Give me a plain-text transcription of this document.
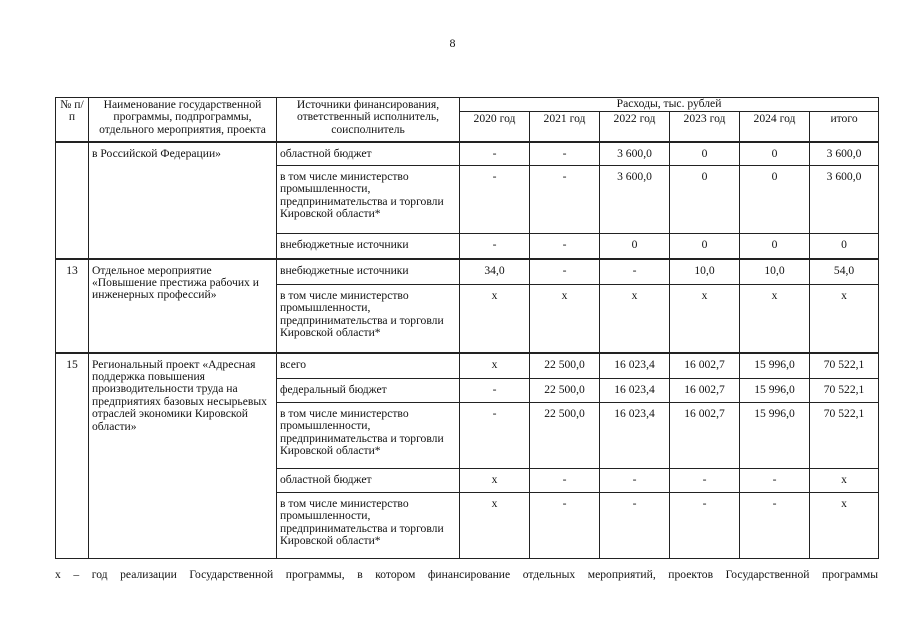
8
№ п/п	Наименование государственной программы, подпрограммы, отдельного мероприятия, проекта	Источники финансирования, ответственный исполнитель, соисполнитель	Расходы, тыс. рублей					
			2020 год	2021 год	2022 год	2023 год	2024 год	итого
	в Российской Федерации»	областной бюджет	-	-	3 600,0	0	0	3 600,0
		в том числе министерство промышленности, предпринимательства и торговли Кировской области*	-	-	3 600,0	0	0	3 600,0
		внебюджетные источники	-	-	0	0	0	0
13	Отдельное мероприятие «Повышение престижа рабочих и инженерных профессий»	внебюджетные источники	34,0	-	-	10,0	10,0	54,0
		в том числе министерство промышленности, предпринимательства и торговли Кировской области*	x	x	x	x	x	x
15	Региональный проект «Адресная поддержка повышения производительности труда на предприятиях базовых несырьевых отраслей экономики Кировской области»	всего	x	22 500,0	16 023,4	16 002,7	15 996,0	70 522,1
		федеральный бюджет	-	22 500,0	16 023,4	16 002,7	15 996,0	70 522,1
		в том числе министерство промышленности, предпринимательства и торговли Кировской области*	-	22 500,0	16 023,4	16 002,7	15 996,0	70 522,1
		областной бюджет	x	-	-	-	-	x
		в том числе министерство промышленности, предпринимательства и торговли Кировской области*	x	-	-	-	-	x
x – год реализации Государственной программы, в котором финансирование отдельных мероприятий, проектов Государственной программы
